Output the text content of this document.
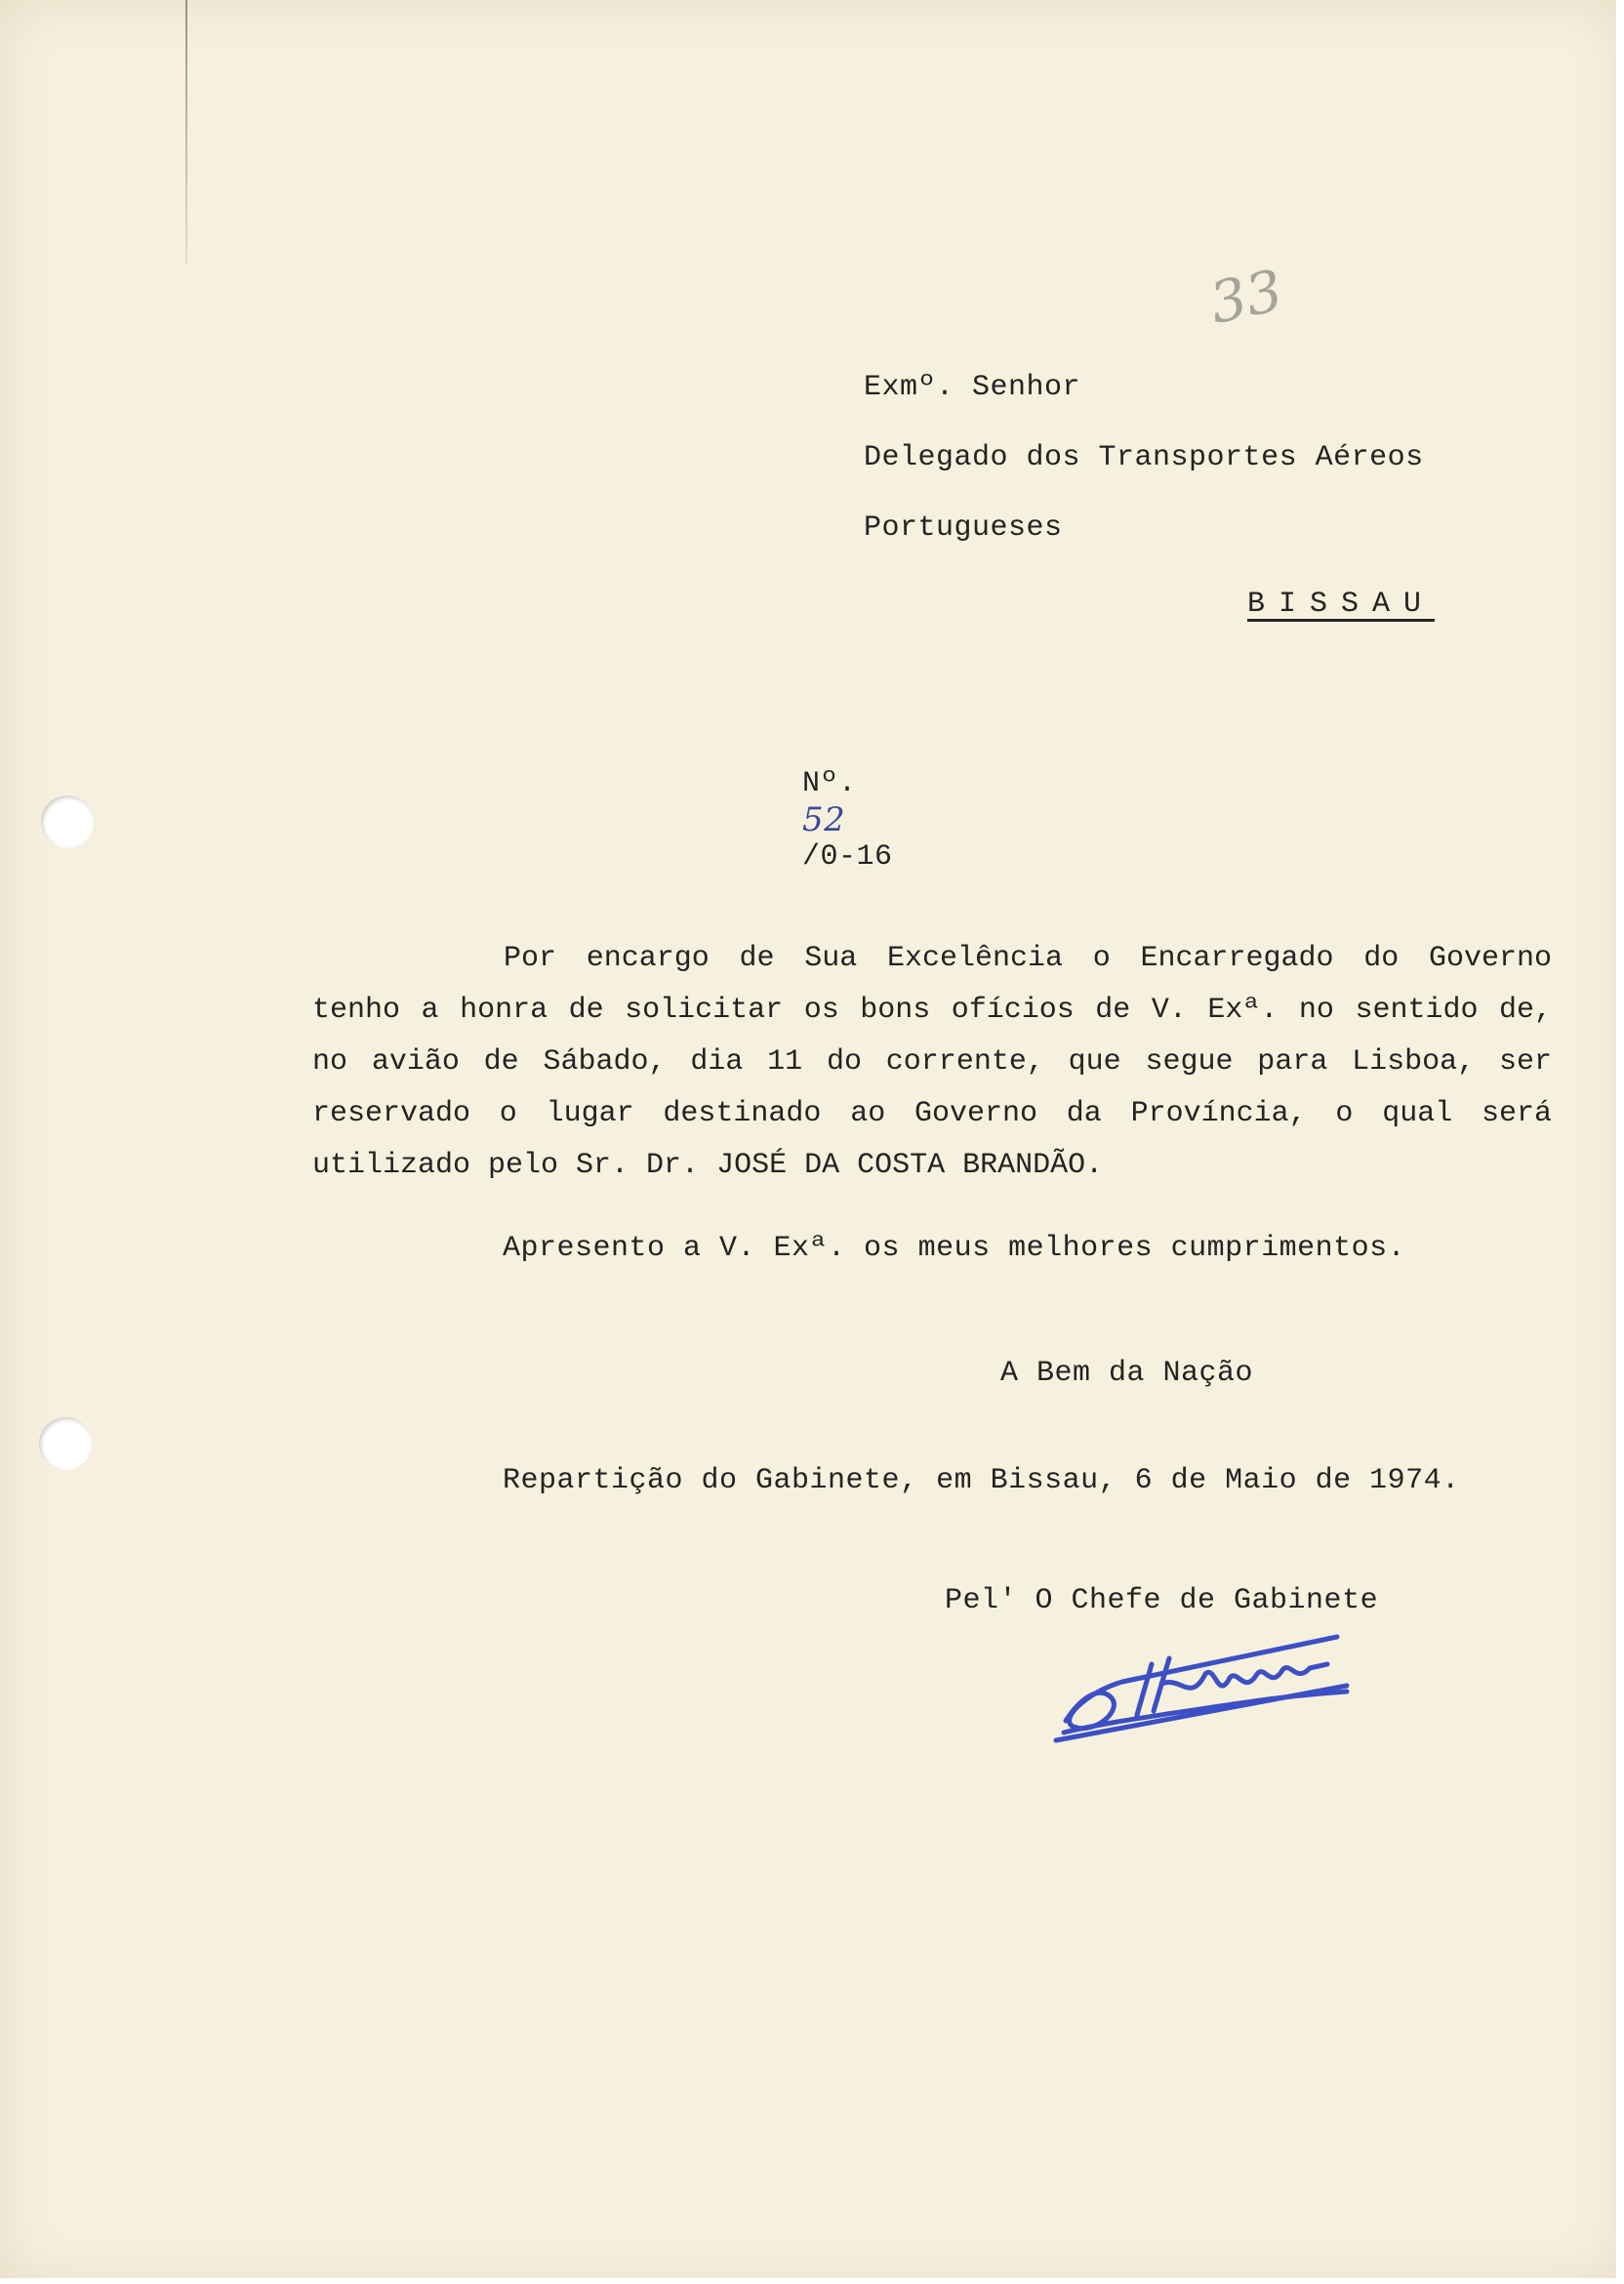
33
Exmº. Senhor
Delegado dos Transportes Aéreos
Portugueses
BISSAU

Nº.
52
/0-16

Por encargo de Sua Excelência o Encarregado do Governo tenho a honra de solicitar os bons ofícios de V. Exª. no sentido de, no avião de Sábado, dia 11 do corrente, que segue para Lisboa, ser reservado o lugar destinado ao Governo da Província, o qual será utilizado pelo Sr. Dr. JOSÉ DA COSTA BRANDÃO.
Apresento a V. Exª. os meus melhores cumprimentos.
A Bem da Nação
Repartição do Gabinete, em Bissau, 6 de Maio de 1974.
Pel' O Chefe de Gabinete
